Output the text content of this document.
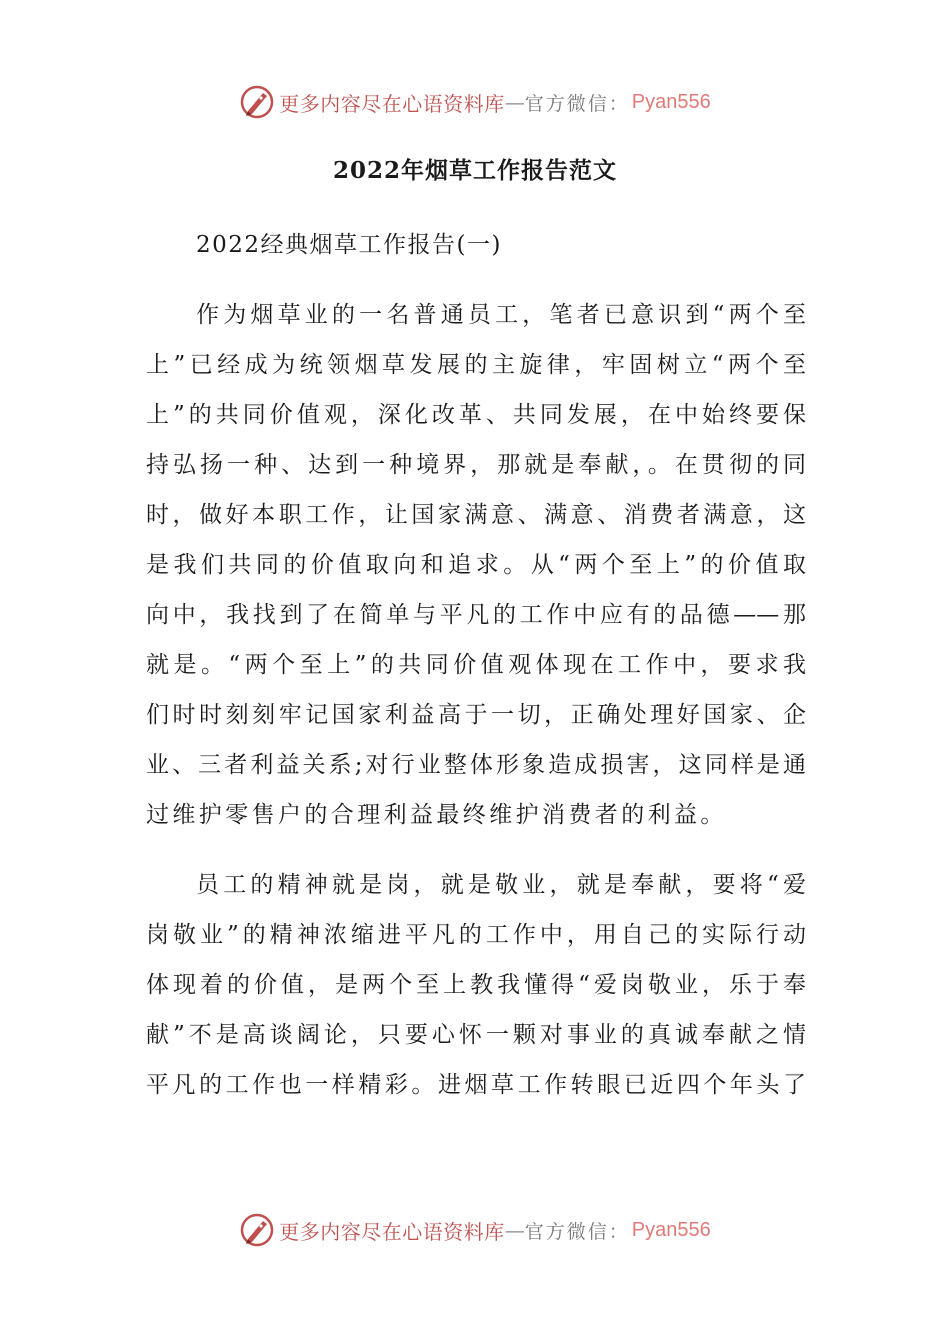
更多内容尽在心语资料库 — 官方微信： Pyan556
2022年烟草工作报告范文

2022经典烟草工作报告(一)

作为烟草业的一名普通员工，笔者已意识到“两个至
上”已经成为统领烟草发展的主旋律，牢固树立“两个至
上”的共同价值观，深化改革、共同发展，在中始终要保
持弘扬一种、达到一种境界，那就是奉献，。在贯彻的同
时，做好本职工作，让国家满意、满意、消费者满意，这
是我们共同的价值取向和追求。从“两个至上”的价值取
向中，我找到了在简单与平凡的工作中应有的品德——那
就是。“两个至上”的共同价值观体现在工作中，要求我
们时时刻刻牢记国家利益高于一切，正确处理好国家、企
业、三者利益关系;对行业整体形象造成损害，这同样是通
过维护零售户的合理利益最终维护消费者的利益。
员工的精神就是岗，就是敬业，就是奉献，要将“爱
岗敬业”的精神浓缩进平凡的工作中，用自己的实际行动
体现着的价值，是两个至上教我懂得“爱岗敬业，乐于奉
献”不是高谈阔论，只要心怀一颗对事业的真诚奉献之情
平凡的工作也一样精彩。进烟草工作转眼已近四个年头了
更多内容尽在心语资料库 — 官方微信： Pyan556
